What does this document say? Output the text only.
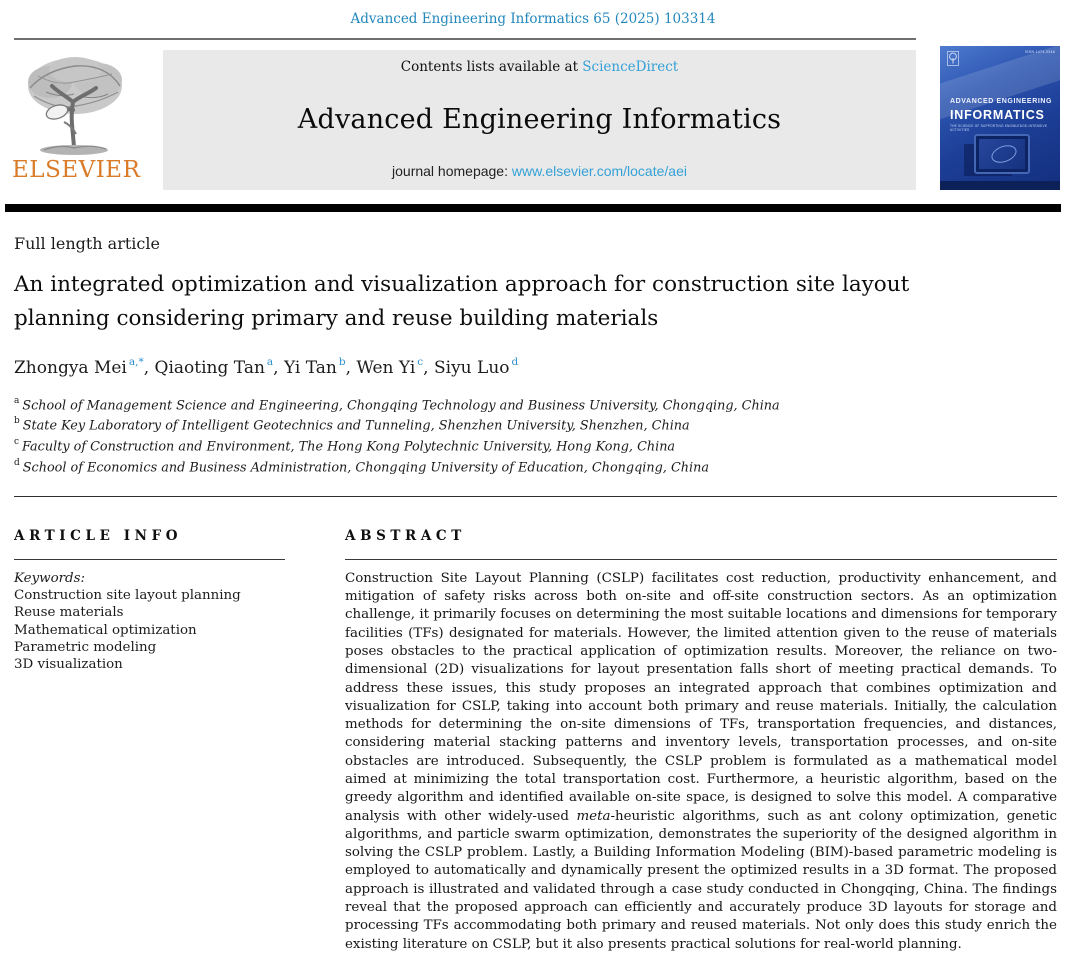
Advanced Engineering Informatics 65 (2025) 103314
ELSEVIER
Contents lists available at ScienceDirect
Advanced Engineering Informatics
journal homepage: www.elsevier.com/locate/aei
ISSN 1474-0346
ADVANCED ENGINEERING
INFORMATICS
THE SCIENCE OF SUPPORTING KNOWLEDGE-INTENSIVE ACTIVITIES
Full length article
An integrated optimization and visualization approach for construction site layout planning considering primary and reuse building materials
Zhongya Mei $^{a,*}$, Qiaoting Tan $^a$, Yi Tan $^b$, Wen Yi $^c$, Siyu Luo $^d$
$^a$ School of Management Science and Engineering, Chongqing Technology and Business University, Chongqing, China
$^b$ State Key Laboratory of Intelligent Geotechnics and Tunneling, Shenzhen University, Shenzhen, China
$^c$ Faculty of Construction and Environment, The Hong Kong Polytechnic University, Hong Kong, China
$^d$ School of Economics and Business Administration, Chongqing University of Education, Chongqing, China
ARTICLE INFO
Keywords:
Construction site layout planning
Reuse materials
Mathematical optimization
Parametric modeling
3D visualization
ABSTRACT

Construction Site Layout Planning (CSLP) facilitates cost reduction, productivity enhancement, and mitigation of safety risks across both on-site and off-site construction sectors. As an optimization challenge, it primarily focuses on determining the most suitable locations and dimensions for temporary facilities (TFs) designated for materials. However, the limited attention given to the reuse of materials poses obstacles to the practical application of optimization results. Moreover, the reliance on two-dimensional (2D) visualizations for layout presentation falls short of meeting practical demands. To address these issues, this study proposes an integrated approach that combines optimization and visualization for CSLP, taking into account both primary and reuse materials. Initially, the calculation methods for determining the on-site dimensions of TFs, transportation frequencies, and distances, considering material stacking patterns and inventory levels, transportation processes, and on-site obstacles are introduced. Subsequently, the CSLP problem is formulated as a mathematical model aimed at minimizing the total transportation cost. Furthermore, a heuristic algorithm, based on the greedy algorithm and identified available on-site space, is designed to solve this model. A comparative analysis with other widely-used meta-heuristic algorithms, such as ant colony optimization, genetic algorithms, and particle swarm optimization, demonstrates the superiority of the designed algorithm in solving the CSLP problem. Lastly, a Building Information Modeling (BIM)-based parametric modeling is employed to automatically and dynamically present the optimized results in a 3D format. The proposed approach is illustrated and validated through a case study conducted in Chongqing, China. The findings reveal that the proposed approach can efficiently and accurately produce 3D layouts for storage and processing TFs accommodating both primary and reused materials. Not only does this study enrich the existing literature on CSLP, but it also presents practical solutions for real-world planning.
